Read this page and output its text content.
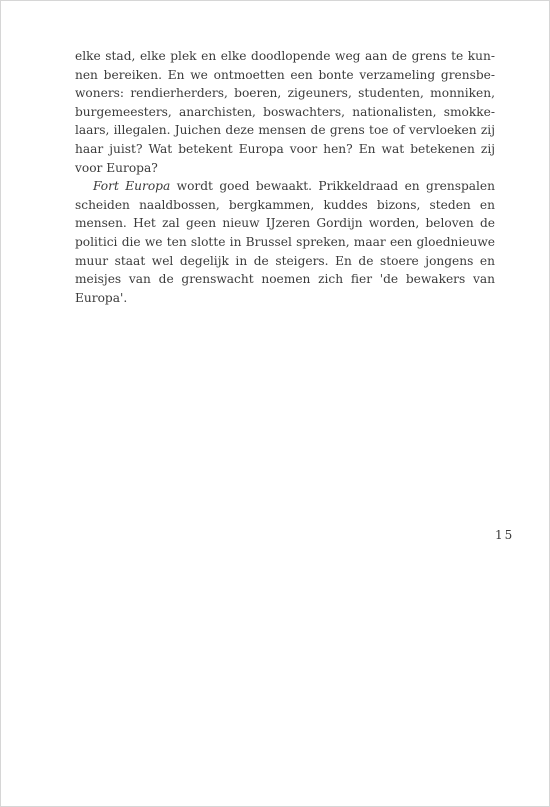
elke stad, elke plek en elke doodlopende weg aan de grens te kun-
nen bereiken. En we ontmoetten een bonte verzameling grensbe-
woners: rendierherders, boeren, zigeuners, studenten, monniken,
burgemeesters, anarchisten, boswachters, nationalisten, smokke-
laars, illegalen. Juichen deze mensen de grens toe of vervloeken zij
haar juist? Wat betekent Europa voor hen? En wat betekenen zij
voor Europa?
Fort Europa wordt goed bewaakt. Prikkeldraad en grenspalen
scheiden naaldbossen, bergkammen, kuddes bizons, steden en
mensen. Het zal geen nieuw IJzeren Gordijn worden, beloven de
politici die we ten slotte in Brussel spreken, maar een gloednieuwe
muur staat wel degelijk in de steigers. En de stoere jongens en
meisjes van de grenswacht noemen zich fier 'de bewakers van
Europa'.
15
